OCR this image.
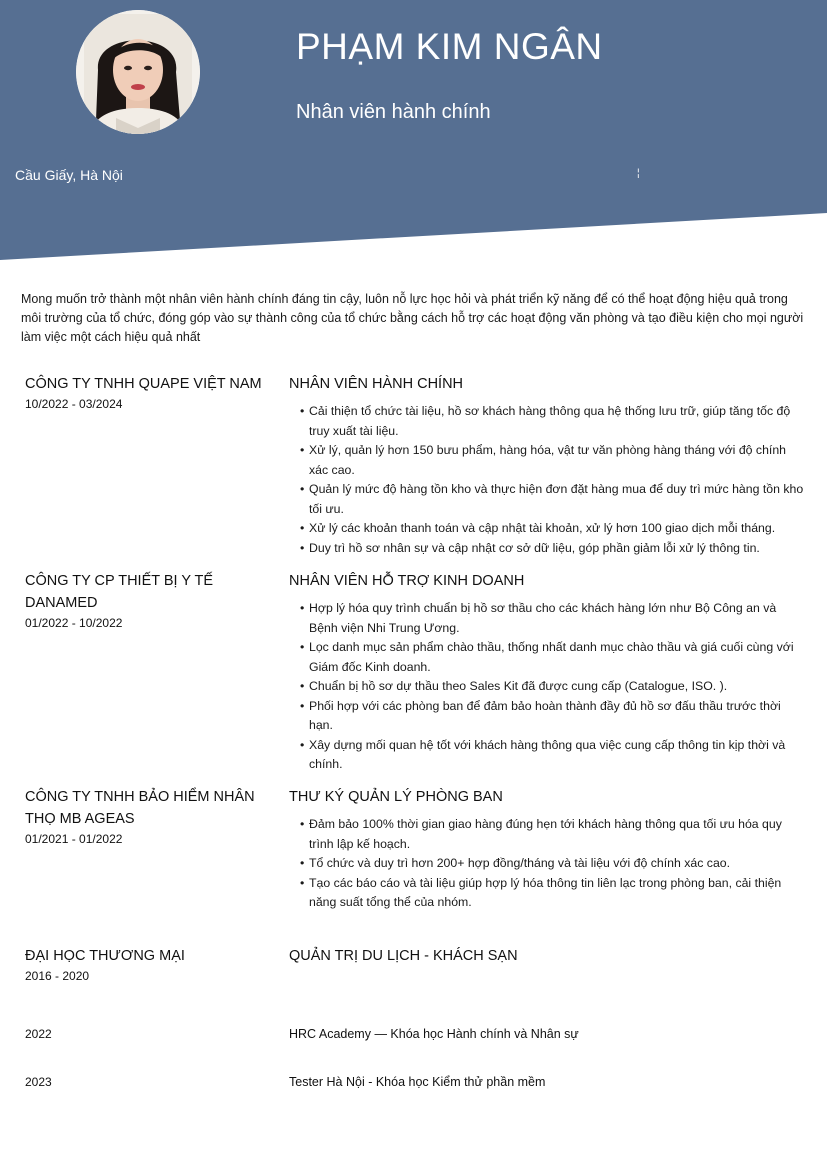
PHẠM KIM NGÂN
Nhân viên hành chính
Cầu Giấy, Hà Nội	¦

Mong muốn trở thành một nhân viên hành chính đáng tin cậy, luôn nỗ lực học hỏi và phát triển kỹ năng để có thể hoạt động hiệu quả trong môi trường của tổ chức, đóng góp vào sự thành công của tổ chức bằng cách hỗ trợ các hoạt động văn phòng và tạo điều kiện cho mọi người làm việc một cách hiệu quả nhất

CÔNG TY TNHH QUAPE VIỆT NAM
10/2022 - 03/2024
NHÂN VIÊN HÀNH CHÍNH
• Cải thiện tổ chức tài liệu, hồ sơ khách hàng thông qua hệ thống lưu trữ, giúp tăng tốc độ truy xuất tài liệu.
• Xử lý, quản lý hơn 150 bưu phẩm, hàng hóa, vật tư văn phòng hàng tháng với độ chính xác cao.
• Quản lý mức độ hàng tồn kho và thực hiện đơn đặt hàng mua để duy trì mức hàng tồn kho tối ưu.
• Xử lý các khoản thanh toán và cập nhật tài khoản, xử lý hơn 100 giao dịch mỗi tháng.
• Duy trì hồ sơ nhân sự và cập nhật cơ sở dữ liệu, góp phần giảm lỗi xử lý thông tin.
CÔNG TY CP THIẾT BỊ Y TẾ DANAMED
01/2022 - 10/2022
NHÂN VIÊN HỖ TRỢ KINH DOANH
• Hợp lý hóa quy trình chuẩn bị hồ sơ thầu cho các khách hàng lớn như Bộ Công an và Bệnh viện Nhi Trung Ương.
• Lọc danh mục sản phẩm chào thầu, thống nhất danh mục chào thầu và giá cuối cùng với Giám đốc Kinh doanh.
• Chuẩn bị hồ sơ dự thầu theo Sales Kit đã được cung cấp (Catalogue, ISO. ).
• Phối hợp với các phòng ban để đảm bảo hoàn thành đầy đủ hồ sơ đấu thầu trước thời hạn.
• Xây dựng mối quan hệ tốt với khách hàng thông qua việc cung cấp thông tin kịp thời và chính.
CÔNG TY TNHH BẢO HIỂM NHÂN THỌ MB AGEAS
01/2021 - 01/2022
THƯ KÝ QUẢN LÝ PHÒNG BAN
• Đảm bảo 100% thời gian giao hàng đúng hẹn tới khách hàng thông qua tối ưu hóa quy trình lập kế hoạch.
• Tổ chức và duy trì hơn 200+ hợp đồng/tháng và tài liệu với độ chính xác cao.
• Tạo các báo cáo và tài liệu giúp hợp lý hóa thông tin liên lạc trong phòng ban, cải thiện năng suất tổng thể của nhóm.
ĐẠI HỌC THƯƠNG MẠI
2016 - 2020
QUẢN TRỊ DU LỊCH - KHÁCH SẠN
2022	HRC Academy — Khóa học Hành chính và Nhân sự
2023	Tester Hà Nội - Khóa học Kiểm thử phần mềm
